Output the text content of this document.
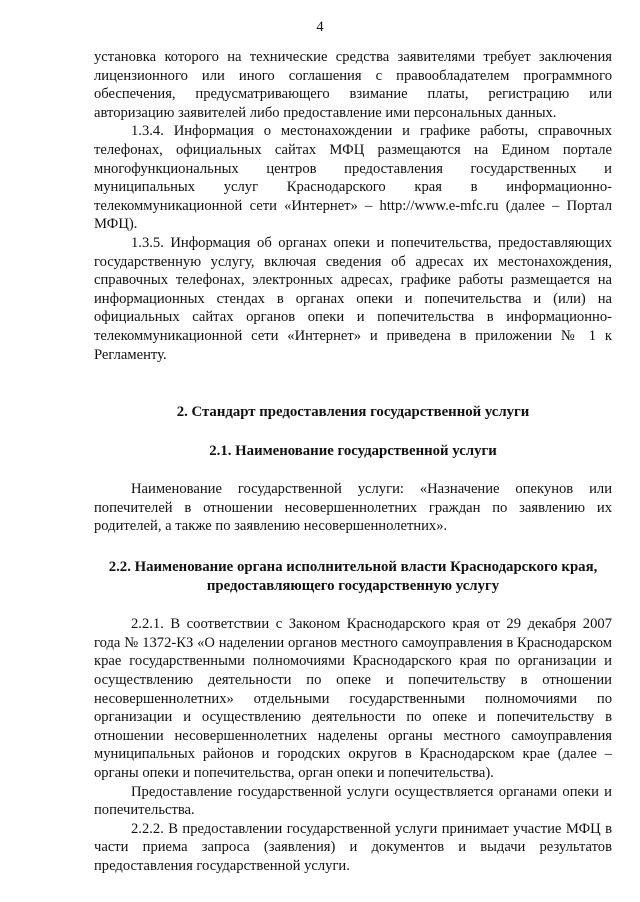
4

установка которого на технические средства заявителями требует заключения лицензионного или иного соглашения с правообладателем программного обеспечения, предусматривающего взимание платы, регистрацию или авторизацию заявителей либо предоставление ими персональных данных.

1.3.4. Информация о местонахождении и графике работы, справочных телефонах, официальных сайтах МФЦ размещаются на Едином портале многофункциональных центров предоставления государственных и муниципальных услуг Краснодарского края в информационно-телекоммуникационной сети «Интернет» – http://www.e-mfc.ru (далее – Портал МФЦ).

1.3.5. Информация об органах опеки и попечительства, предоставляющих государственную услугу, включая сведения об адресах их местонахождения, справочных телефонах, электронных адресах, графике работы размещается на информационных стендах в органах опеки и попечительства и (или) на официальных сайтах органов опеки и попечительства в информационно-телекоммуникационной сети «Интернет» и приведена в приложении № 1 к Регламенту.

2. Стандарт предоставления государственной услуги
2.1. Наименование государственной услуги

Наименование государственной услуги: «Назначение опекунов или попечителей в отношении несовершеннолетних граждан по заявлению их родителей, а также по заявлению несовершеннолетних».

2.2. Наименование органа исполнительной власти Краснодарского края,
предоставляющего государственную услугу

2.2.1. В соответствии с Законом Краснодарского края от 29 декабря 2007 года № 1372-КЗ «О наделении органов местного самоуправления в Краснодарском крае государственными полномочиями Краснодарского края по организации и осуществлению деятельности по опеке и попечительству в отношении несовершеннолетних» отдельными государственными полномочиями по организации и осуществлению деятельности по опеке и попечительству в отношении несовершеннолетних наделены органы местного самоуправления муниципальных районов и городских округов в Краснодарском крае (далее – органы опеки и попечительства, орган опеки и попечительства).

Предоставление государственной услуги осуществляется органами опеки и попечительства.

2.2.2. В предоставлении государственной услуги принимает участие МФЦ в части приема запроса (заявления) и документов и выдачи результатов предоставления государственной услуги.
